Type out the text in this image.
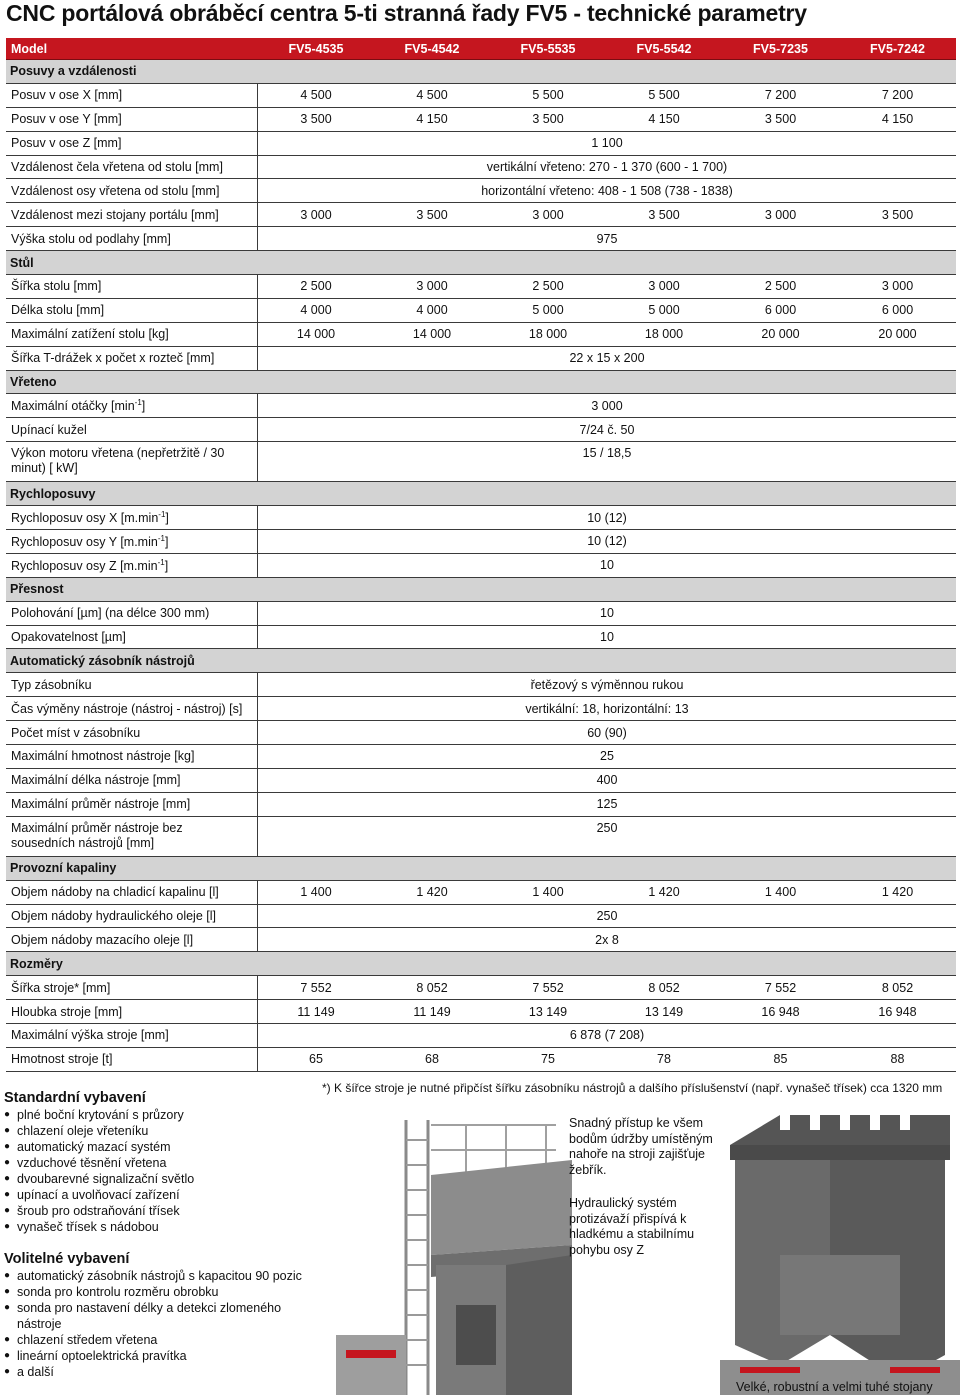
CNC portálová obráběcí centra 5-ti stranná řady FV5 - technické parametry
Model	FV5-4535	FV5-4542	FV5-5535	FV5-5542	FV5-7235	FV5-7242
Posuvy a vzdálenosti						
Posuv v ose X [mm]	4 500	4 500	5 500	5 500	7 200	7 200
Posuv v ose Y [mm]	3 500	4 150	3 500	4 150	3 500	4 150
Posuv v ose Z [mm]	1 100					
Vzdálenost čela vřetena od stolu [mm]	vertikální vřeteno: 270 - 1 370 (600 - 1 700)					
Vzdálenost osy vřetena od stolu [mm]	horizontální vřeteno: 408 - 1 508 (738 - 1838)					
Vzdálenost mezi stojany portálu [mm]	3 000	3 500	3 000	3 500	3 000	3 500
Výška stolu od podlahy [mm]	975					
Stůl						
Šířka stolu [mm]	2 500	3 000	2 500	3 000	2 500	3 000
Délka stolu [mm]	4 000	4 000	5 000	5 000	6 000	6 000
Maximální zatížení stolu [kg]	14 000	14 000	18 000	18 000	20 000	20 000
Šířka T-drážek x počet x rozteč [mm]	22 x 15 x 200					
Vřeteno						
Maximální otáčky $[\min^{-1}]$	3 000					
Upínací kužel	7/24 č. 50					
Výkon motoru vřetena (nepřetržitě / 30 minut) [ kW]	15 / 18,5					
Rychloposuvy						
Rychloposuv osy X $[m.\min^{-1}]$	10 (12)					
Rychloposuv osy Y $[m.\min^{-1}]$	10 (12)					
Rychloposuv osy Z $[m.\min^{-1}]$	10					
Přesnost						
Polohování [µm] (na délce 300 mm)	10					
Opakovatelnost [µm]	10					
Automatický zásobník nástrojů						
Typ zásobníku	řetězový s výměnnou rukou					
Čas výměny nástroje (nástroj - nástroj) [s]	vertikální: 18, horizontální: 13					
Počet míst v zásobníku	60 (90)					
Maximální hmotnost nástroje [kg]	25					
Maximální délka nástroje [mm]	400					
Maximální průměr nástroje [mm]	125					
Maximální průměr nástroje bez sousedních nástrojů [mm]	250					
Provozní kapaliny						
Objem nádoby na chladicí kapalinu [l]	1 400	1 420	1 400	1 420	1 400	1 420
Objem nádoby hydraulického oleje [l]	250					
Objem nádoby mazacího oleje [l]	2x 8					
Rozměry						
Šířka stroje* [mm]	7 552	8 052	7 552	8 052	7 552	8 052
Hloubka stroje [mm]	11 149	11 149	13 149	13 149	16 948	16 948
Maximální výška stroje [mm]	6 878 (7 208)					
Hmotnost stroje [t]	65	68	75	78	85	88
*) K šířce stroje je nutné připčíst šířku zásobníku nástrojů a dalšího příslušenství (např. vynašeč třísek) cca 1320 mm
Standardní vybavení
● plné boční krytování s průzory
● chlazení oleje vřeteníku
● automatický mazací systém
● vzduchové těsnění vřetena
● dvoubarevné signalizační světlo
● upínací a uvolňovací zařízení
● šroub pro odstraňování třísek
● vynašeč třísek s nádobou
Volitelné vybavení
● automatický zásobník nástrojů s kapacitou 90 pozic
● sonda pro kontrolu rozměru obrobku
● sonda pro nastavení délky a detekci zlomeného nástroje
● chlazení středem vřetena
● lineární optoelektrická pravítka
● a další
Snadný přístup ke všem bodům údržby umístěným nahoře na stroji zajišťuje žebřík.
Hydraulický systém protizávaží přispívá k hladkému a stabilnímu pohybu osy Z
Velké, robustní a velmi tuhé stojany
